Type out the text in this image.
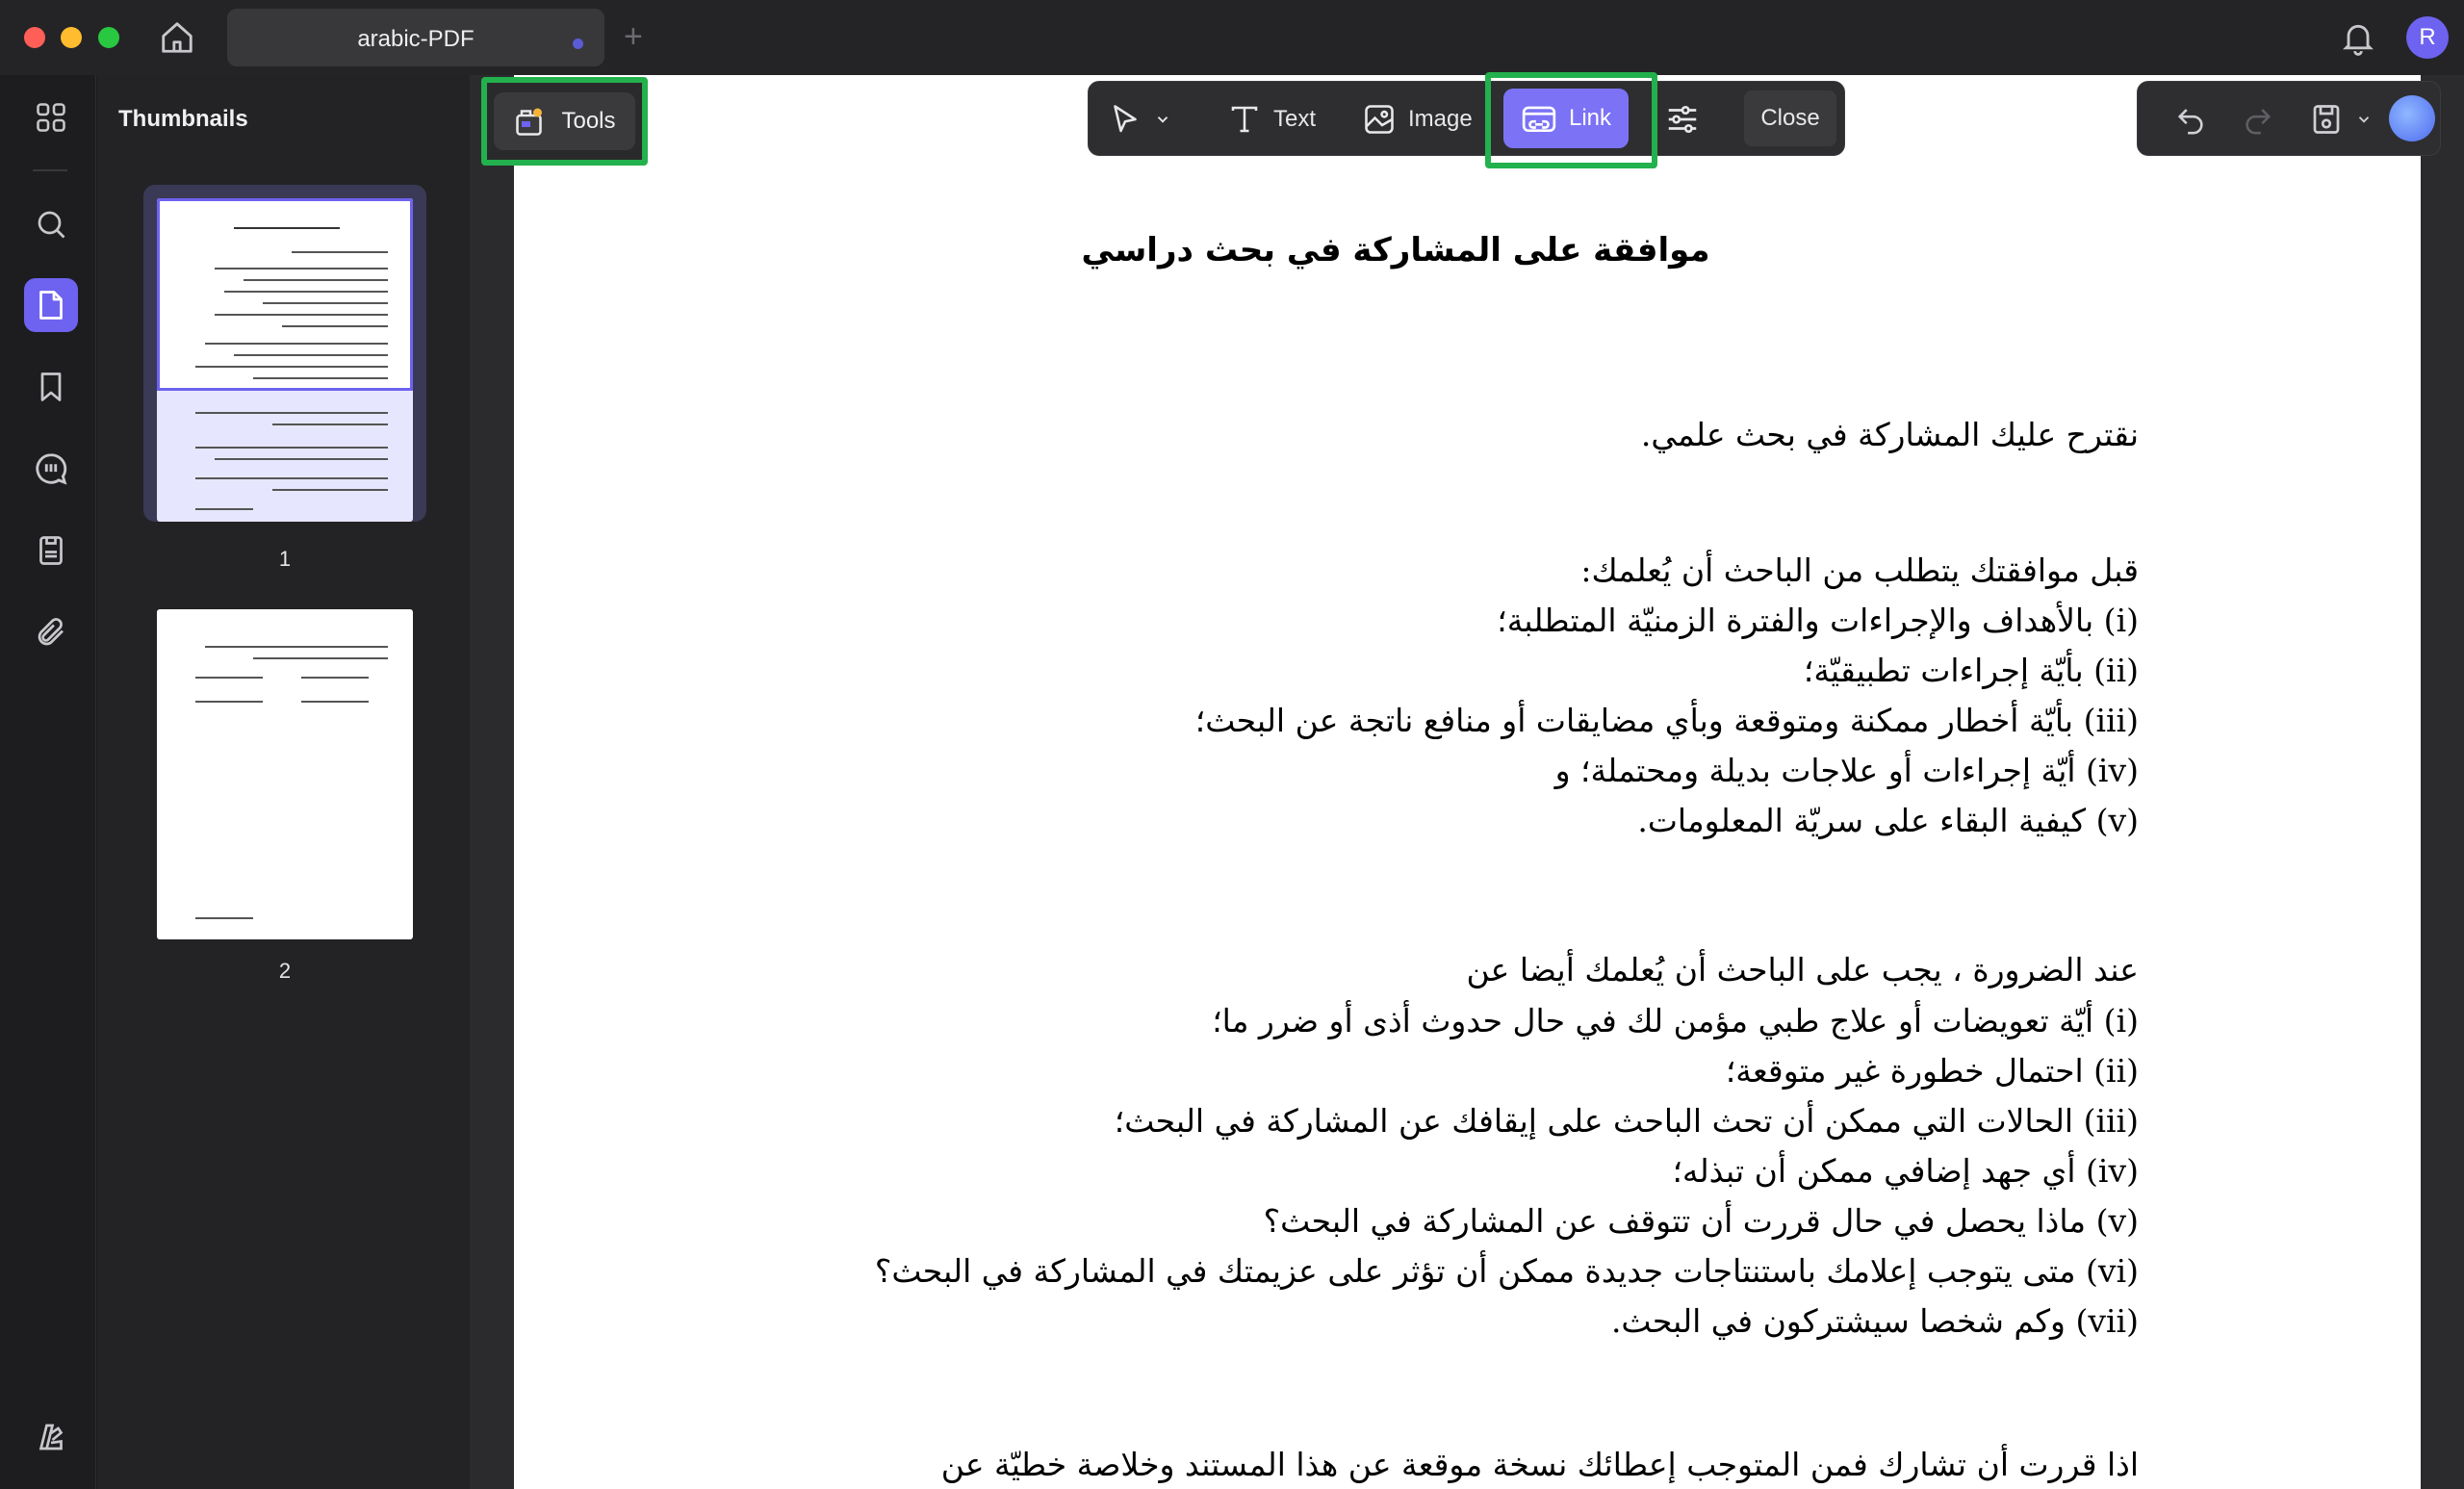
arabic-PDF	+	R
Thumbnails
1
2
Tools	Text	Image	Link	Close
موافقة على المشاركة في بحث دراسي
نقترح عليك المشاركة في بحث علمي.
قبل موافقتك يتطلب من الباحث أن يُعلمك:
(i) بالأهداف والإجراءات والفترة الزمنيّة المتطلبة؛
(ii) بأيّة إجراءات تطبيقيّة؛
(iii) بأيّة أخطار ممكنة ومتوقعة وبأي مضايقات أو منافع ناتجة عن البحث؛
(iv) أيّة إجراءات أو علاجات بديلة ومحتملة؛ و
(v) كيفية البقاء على سريّة المعلومات.
عند الضرورة ، يجب على الباحث أن يُعلمك أيضا عن
(i) أيّة تعويضات أو علاج طبي مؤمن لك في حال حدوث أذى أو ضرر ما؛
(ii) احتمال خطورة غير متوقعة؛
(iii) الحالات التي ممكن أن تحث الباحث على إيقافك عن المشاركة في البحث؛
(iv) أي جهد إضافي ممكن أن تبذله؛
(v) ماذا يحصل في حال قررت أن تتوقف عن المشاركة في البحث؟
(vi) متى يتوجب إعلامك باستنتاجات جديدة ممكن أن تؤثر على عزيمتك في المشاركة في البحث؟
(vii) وكم شخصا سيشتركون في البحث.
اذا قررت أن تشارك فمن المتوجب إعطائك نسخة موقعة عن هذا المستند وخلاصة خطيّة عن
